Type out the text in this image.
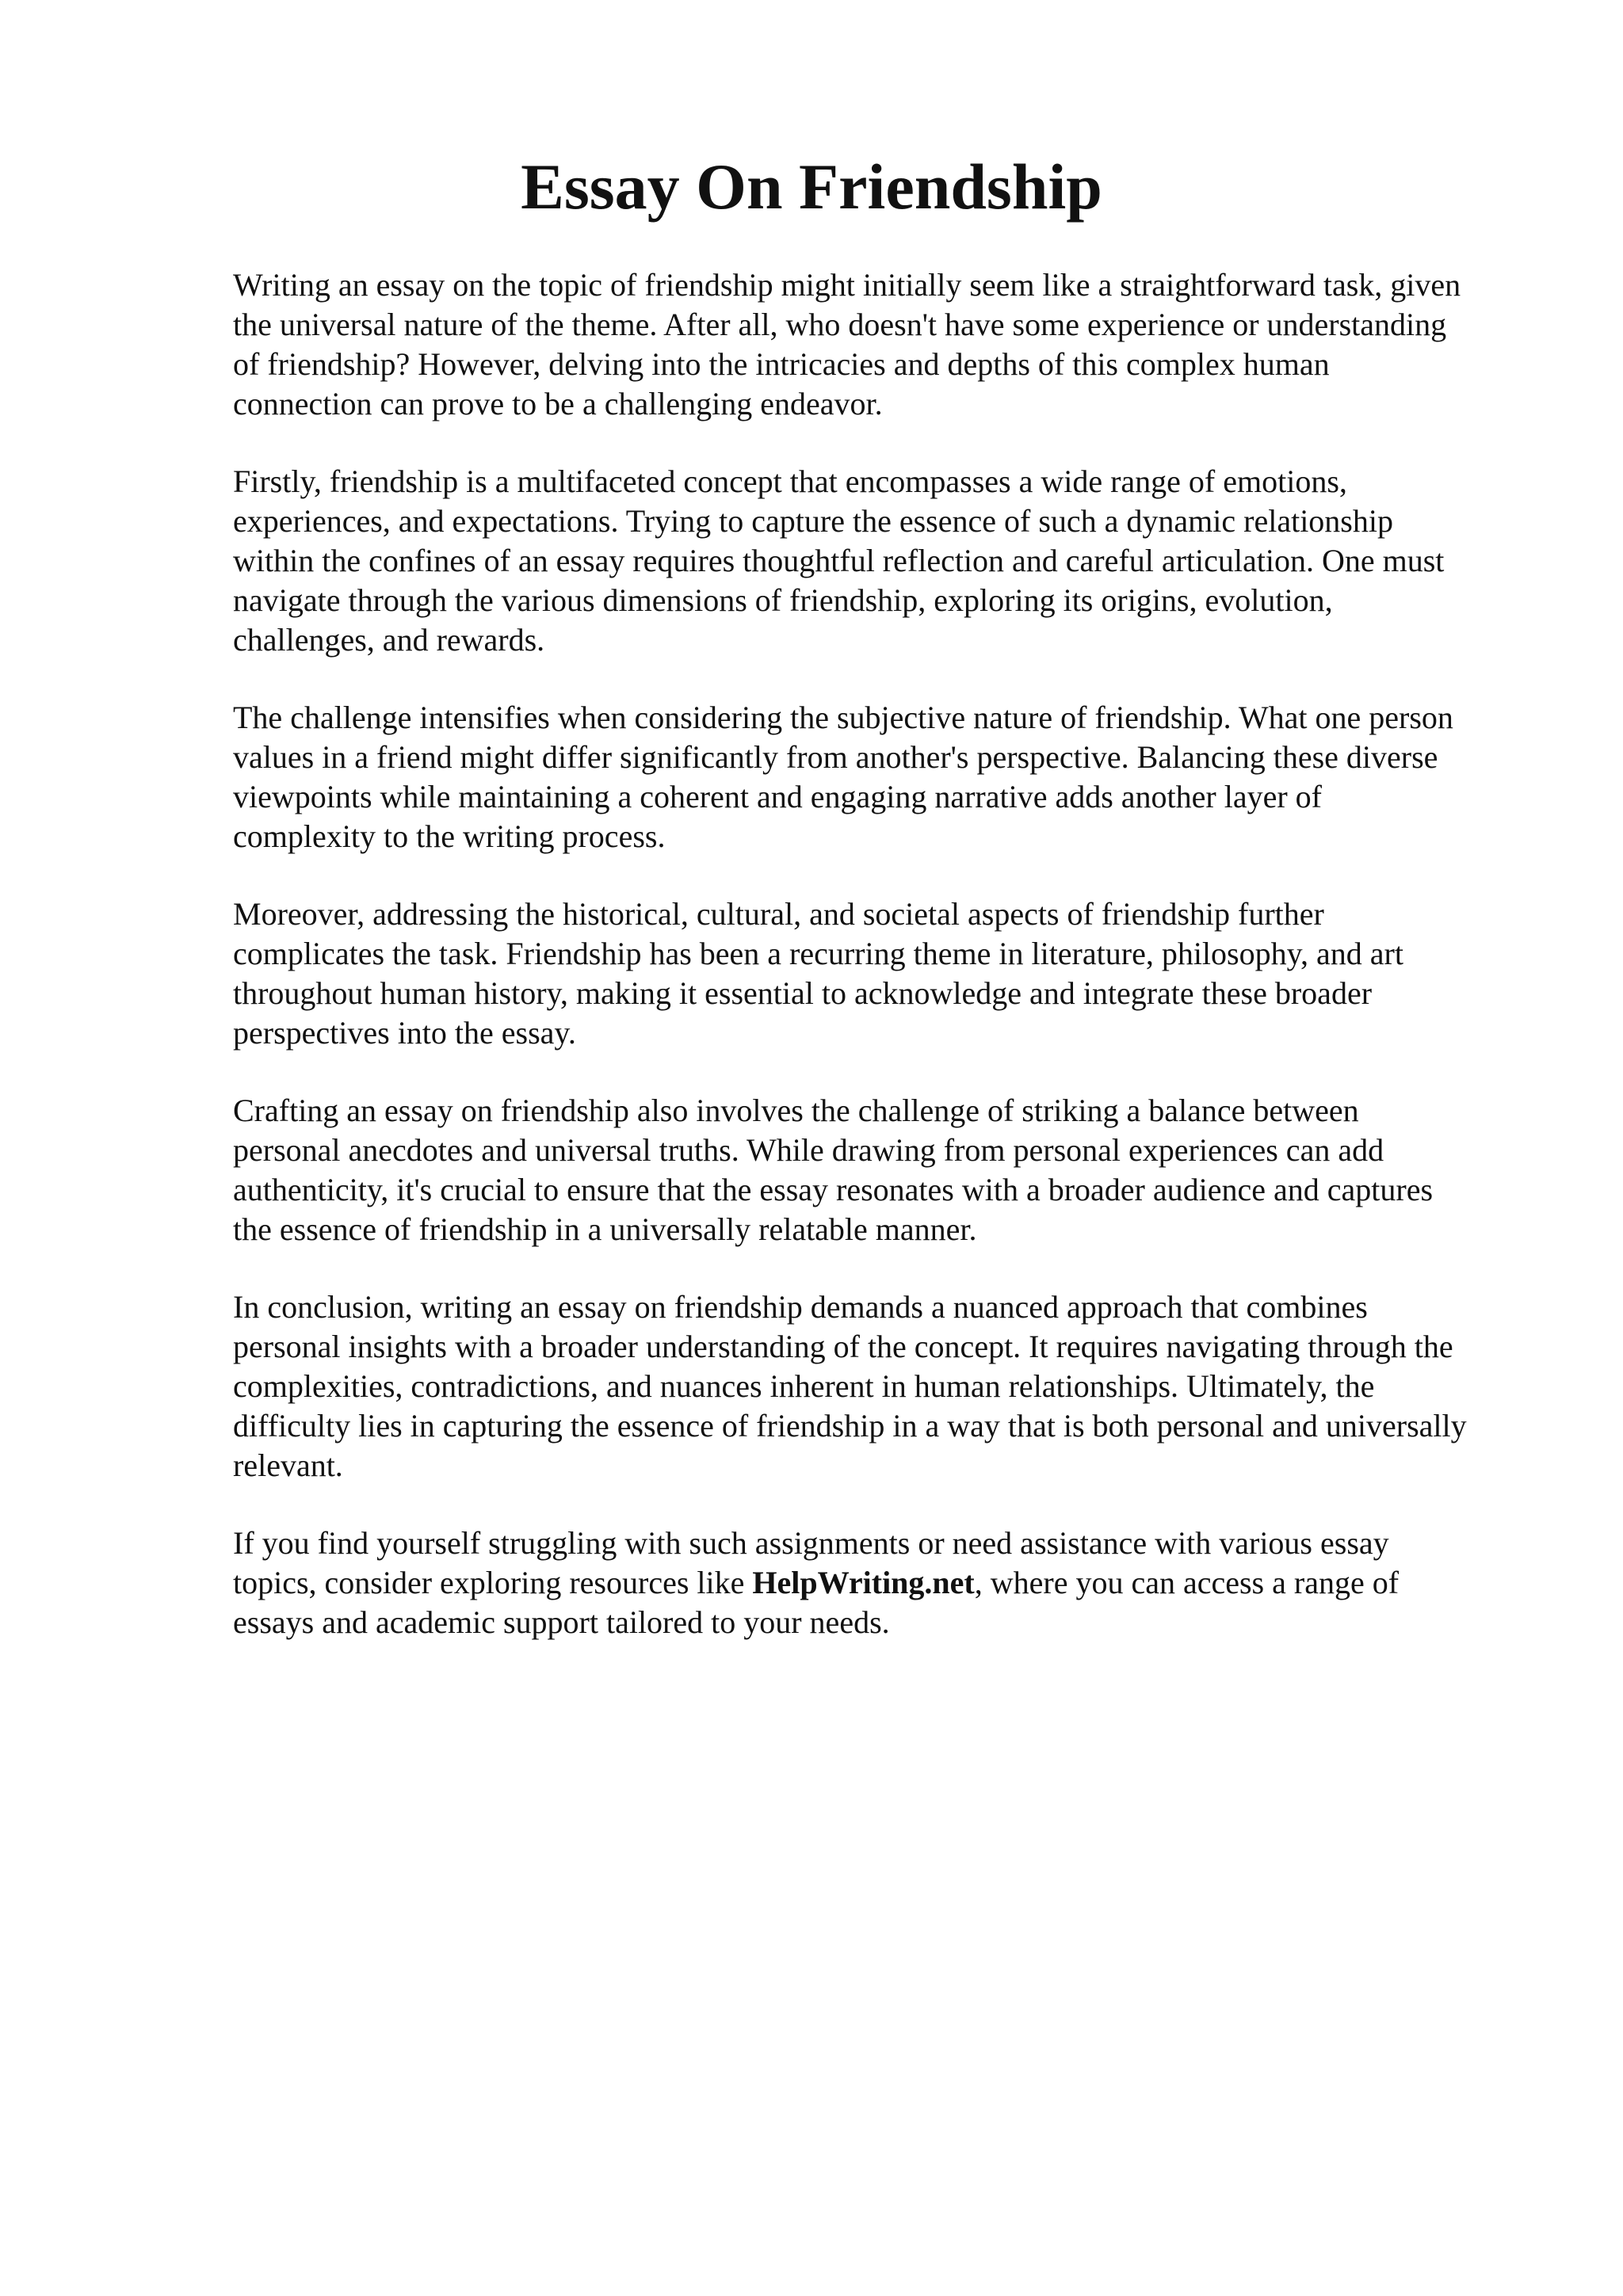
Essay On Friendship

Writing an essay on the topic of friendship might initially seem like a straightforward task, given
the universal nature of the theme. After all, who doesn't have some experience or understanding
of friendship? However, delving into the intricacies and depths of this complex human
connection can prove to be a challenging endeavor.

Firstly, friendship is a multifaceted concept that encompasses a wide range of emotions,
experiences, and expectations. Trying to capture the essence of such a dynamic relationship
within the confines of an essay requires thoughtful reflection and careful articulation. One must
navigate through the various dimensions of friendship, exploring its origins, evolution,
challenges, and rewards.

The challenge intensifies when considering the subjective nature of friendship. What one person
values in a friend might differ significantly from another's perspective. Balancing these diverse
viewpoints while maintaining a coherent and engaging narrative adds another layer of
complexity to the writing process.

Moreover, addressing the historical, cultural, and societal aspects of friendship further
complicates the task. Friendship has been a recurring theme in literature, philosophy, and art
throughout human history, making it essential to acknowledge and integrate these broader
perspectives into the essay.

Crafting an essay on friendship also involves the challenge of striking a balance between
personal anecdotes and universal truths. While drawing from personal experiences can add
authenticity, it's crucial to ensure that the essay resonates with a broader audience and captures
the essence of friendship in a universally relatable manner.

In conclusion, writing an essay on friendship demands a nuanced approach that combines
personal insights with a broader understanding of the concept. It requires navigating through the
complexities, contradictions, and nuances inherent in human relationships. Ultimately, the
difficulty lies in capturing the essence of friendship in a way that is both personal and universally
relevant.

If you find yourself struggling with such assignments or need assistance with various essay
topics, consider exploring resources like HelpWriting.net, where you can access a range of
essays and academic support tailored to your needs.
